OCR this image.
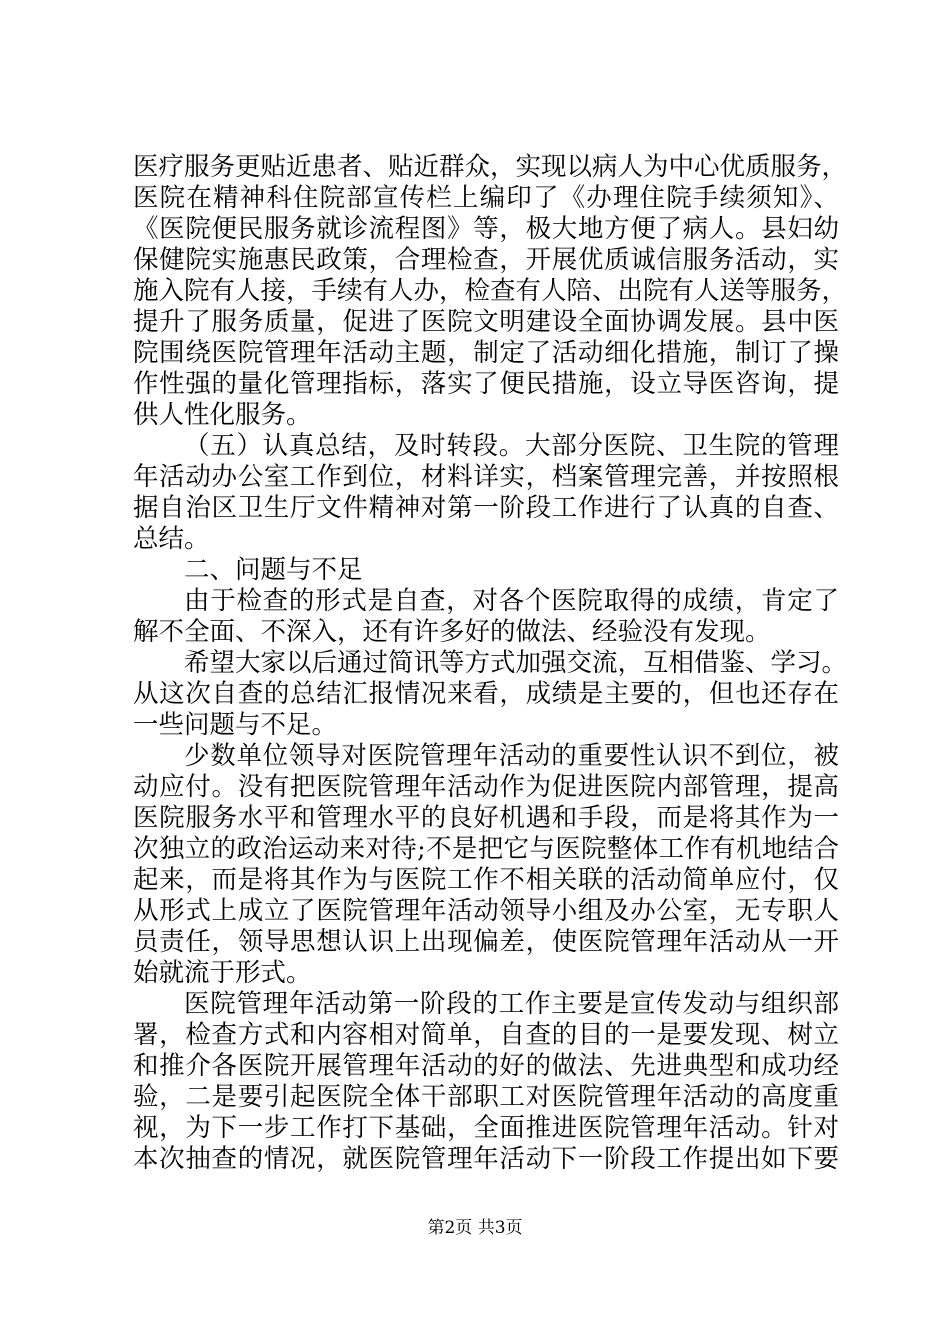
医疗服务更贴近患者、贴近群众，实现以病人为中心优质服务，
医院在精神科住院部宣传栏上编印了《办理住院手续须知》、
《医院便民服务就诊流程图》等，极大地方便了病人。县妇幼
保健院实施惠民政策，合理检查，开展优质诚信服务活动，实
施入院有人接，手续有人办，检查有人陪、出院有人送等服务，
提升了服务质量，促进了医院文明建设全面协调发展。县中医
院围绕医院管理年活动主题，制定了活动细化措施，制订了操
作性强的量化管理指标，落实了便民措施，设立导医咨询，提
供人性化服务。
（五）认真总结，及时转段。大部分医院、卫生院的管理
年活动办公室工作到位，材料详实，档案管理完善，并按照根
据自治区卫生厅文件精神对第一阶段工作进行了认真的自查、
总结。
二、问题与不足
由于检查的形式是自查，对各个医院取得的成绩，肯定了
解不全面、不深入，还有许多好的做法、经验没有发现。
希望大家以后通过简讯等方式加强交流，互相借鉴、学习。
从这次自查的总结汇报情况来看，成绩是主要的，但也还存在
一些问题与不足。
少数单位领导对医院管理年活动的重要性认识不到位，被
动应付。没有把医院管理年活动作为促进医院内部管理，提高
医院服务水平和管理水平的良好机遇和手段，而是将其作为一
次独立的政治运动来对待;不是把它与医院整体工作有机地结合
起来，而是将其作为与医院工作不相关联的活动简单应付，仅
从形式上成立了医院管理年活动领导小组及办公室，无专职人
员责任，领导思想认识上出现偏差，使医院管理年活动从一开
始就流于形式。
医院管理年活动第一阶段的工作主要是宣传发动与组织部
署，检查方式和内容相对简单，自查的目的一是要发现、树立
和推介各医院开展管理年活动的好的做法、先进典型和成功经
验，二是要引起医院全体干部职工对医院管理年活动的高度重
视，为下一步工作打下基础，全面推进医院管理年活动。针对
本次抽查的情况，就医院管理年活动下一阶段工作提出如下要
第2页 共3页
